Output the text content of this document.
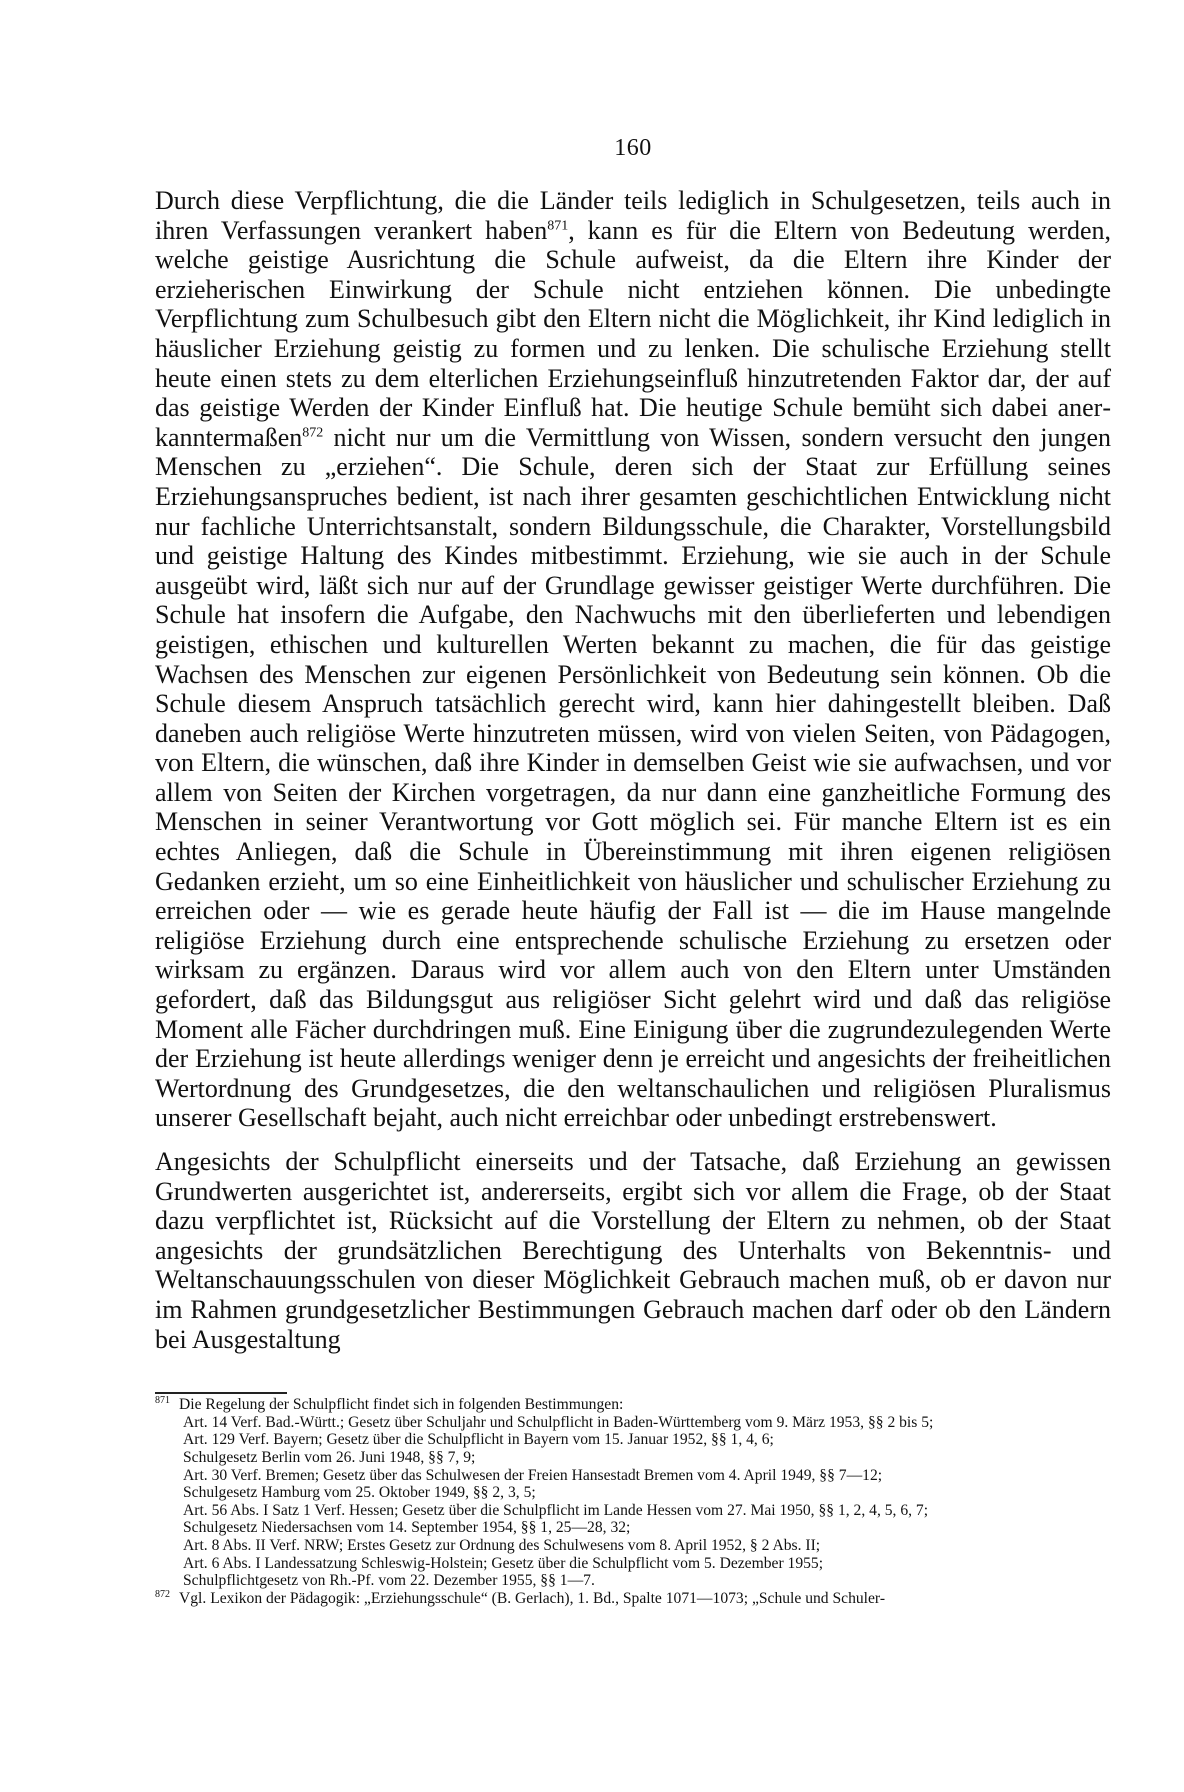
160

Durch diese Verpflichtung, die die Länder teils lediglich in Schulgesetzen, teils auch in ihren Verfassungen verankert haben$^{871}$, kann es für die Eltern von Bedeutung werden, welche geistige Ausrichtung die Schule aufweist, da die Eltern ihre Kinder der erzieherischen Einwirkung der Schule nicht entziehen können. Die unbedingte Verpflichtung zum Schulbesuch gibt den Eltern nicht die Möglichkeit, ihr Kind lediglich in häuslicher Erziehung geistig zu formen und zu lenken. Die schulische Erziehung stellt heute einen stets zu dem elterlichen Erziehungseinfluß hinzutretenden Faktor dar, der auf das geistige Werden der Kinder Einfluß hat. Die heutige Schule bemüht sich dabei anerkanntermaßen$^{872}$ nicht nur um die Vermittlung von Wissen, sondern versucht den jungen Menschen zu „erziehen“. Die Schule, deren sich der Staat zur Erfüllung seines Erziehungsanspruches bedient, ist nach ihrer gesamten geschichtlichen Entwicklung nicht nur fachliche Unterrichtsanstalt, sondern Bildungsschule, die Charakter, Vorstellungsbild und geistige Haltung des Kindes mitbestimmt. Erziehung, wie sie auch in der Schule ausgeübt wird, läßt sich nur auf der Grundlage gewisser geistiger Werte durchführen. Die Schule hat insofern die Aufgabe, den Nachwuchs mit den überlieferten und lebendigen geistigen, ethischen und kulturellen Werten bekannt zu machen, die für das geistige Wachsen des Menschen zur eigenen Persönlichkeit von Bedeutung sein können. Ob die Schule diesem Anspruch tatsächlich gerecht wird, kann hier dahingestellt bleiben. Daß daneben auch religiöse Werte hinzutreten müssen, wird von vielen Seiten, von Pädagogen, von Eltern, die wünschen, daß ihre Kinder in demselben Geist wie sie aufwachsen, und vor allem von Seiten der Kirchen vorgetragen, da nur dann eine ganzheitliche Formung des Menschen in seiner Verantwortung vor Gott möglich sei. Für manche Eltern ist es ein echtes Anliegen, daß die Schule in Übereinstimmung mit ihren eigenen religiösen Gedanken erzieht, um so eine Einheitlichkeit von häuslicher und schulischer Erziehung zu erreichen oder — wie es gerade heute häufig der Fall ist — die im Hause mangelnde religiöse Erziehung durch eine entsprechende schulische Erziehung zu ersetzen oder wirksam zu ergänzen. Daraus wird vor allem auch von den Eltern unter Umständen gefordert, daß das Bildungsgut aus religiöser Sicht gelehrt wird und daß das religiöse Moment alle Fächer durchdringen muß. Eine Einigung über die zugrundezulegenden Werte der Erziehung ist heute allerdings weniger denn je erreicht und angesichts der freiheitlichen Wertordnung des Grundgesetzes, die den weltanschaulichen und religiösen Pluralismus unserer Gesellschaft bejaht, auch nicht erreichbar oder unbedingt erstrebenswert.

Angesichts der Schulpflicht einerseits und der Tatsache, daß Erziehung an gewissen Grundwerten ausgerichtet ist, andererseits, ergibt sich vor allem die Frage, ob der Staat dazu verpflichtet ist, Rücksicht auf die Vorstellung der Eltern zu nehmen, ob der Staat angesichts der grundsätzlichen Berechtigung des Unterhalts von Bekenntnis- und Weltanschauungsschulen von dieser Möglichkeit Gebrauch machen muß, ob er davon nur im Rahmen grundgesetzlicher Bestimmungen Gebrauch machen darf oder ob den Ländern bei Ausgestaltung

871 Die Regelung der Schulpflicht findet sich in folgenden Bestimmungen:
Art. 14 Verf. Bad.-Württ.; Gesetz über Schuljahr und Schulpflicht in Baden-Württemberg vom 9. März 1953, §§ 2 bis 5;
Art. 129 Verf. Bayern; Gesetz über die Schulpflicht in Bayern vom 15. Januar 1952, §§ 1, 4, 6;
Schulgesetz Berlin vom 26. Juni 1948, §§ 7, 9;
Art. 30 Verf. Bremen; Gesetz über das Schulwesen der Freien Hansestadt Bremen vom 4. April 1949, §§ 7—12;
Schulgesetz Hamburg vom 25. Oktober 1949, §§ 2, 3, 5;
Art. 56 Abs. I Satz 1 Verf. Hessen; Gesetz über die Schulpflicht im Lande Hessen vom 27. Mai 1950, §§ 1, 2, 4, 5, 6, 7;
Schulgesetz Niedersachsen vom 14. September 1954, §§ 1, 25—28, 32;
Art. 8 Abs. II Verf. NRW; Erstes Gesetz zur Ordnung des Schulwesens vom 8. April 1952, § 2 Abs. II;
Art. 6 Abs. I Landessatzung Schleswig-Holstein; Gesetz über die Schulpflicht vom 5. Dezember 1955;
Schulpflichtgesetz von Rh.-Pf. vom 22. Dezember 1955, §§ 1—7.
872 Vgl. Lexikon der Pädagogik: „Erziehungsschule“ (B. Gerlach), 1. Bd., Spalte 1071—1073; „Schule und Schuler-
